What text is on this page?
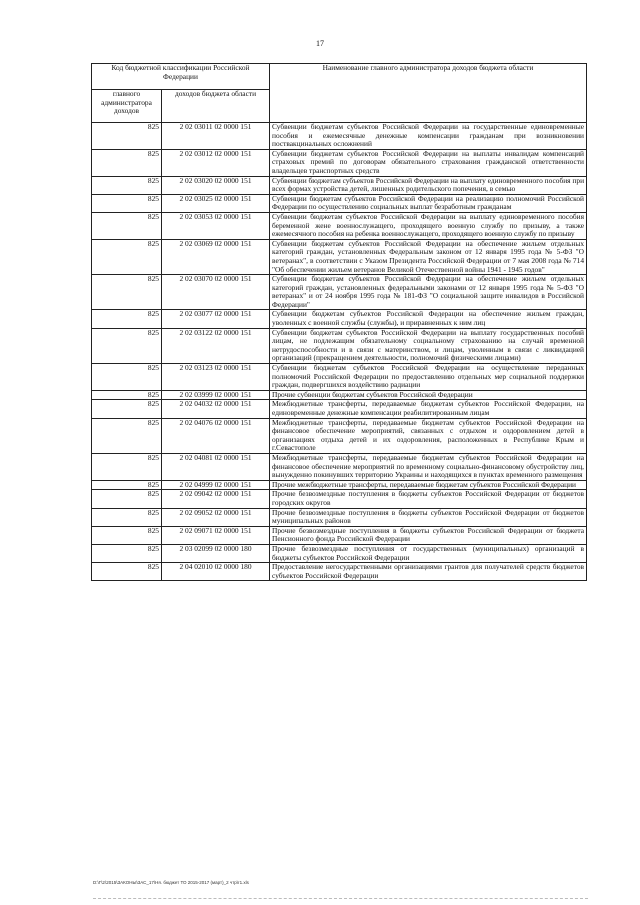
17
Код бюджетной классификации Российской Федерации		Наименование главного администратора доходов бюджета области
главного администратора доходов	доходов бюджета области	
825	2 02 03011 02 0000 151	Субвенции бюджетам субъектов Российской Федерации на государственные единовременные пособия и ежемесячные денежные компенсации гражданам при возникновении поствакцинальных осложнений
825	2 02 03012 02 0000 151	Субвенции бюджетам субъектов Российской Федерации на выплаты инвалидам компенсаций страховых премий по договорам обязательного страхования гражданской ответственности владельцев транспортных средств
825	2 02 03020 02 0000 151	Субвенции бюджетам субъектов Российской Федерации на выплату единовременного пособия при всех формах устройства детей, лишенных родительского попечения, в семью
825	2 02 03025 02 0000 151	Субвенции бюджетам субъектов Российской Федерации на реализацию полномочий Российской Федерации по осуществлению социальных выплат безработным гражданам
825	2 02 03053 02 0000 151	Субвенции бюджетам субъектов Российской Федерации на выплату единовременного пособия беременной жене военнослужащего, проходящего военную службу по призыву, а также ежемесячного пособия на ребенка военнослужащего, проходящего военную службу по призыву
825	2 02 03069 02 0000 151	Субвенции бюджетам субъектов Российской Федерации на обеспечение жильем отдельных категорий граждан, установленных Федеральным законом от 12 января 1995 года № 5-ФЗ "О ветеранах", в соответствии с Указом Президента Российской Федерации от 7 мая 2008 года № 714 "Об обеспечении жильем ветеранов Великой Отечественной войны 1941 - 1945 годов"
825	2 02 03070 02 0000 151	Субвенции бюджетам субъектов Российской Федерации на обеспечение жильем отдельных категорий граждан, установленных федеральными законами от 12 января 1995 года № 5-ФЗ "О ветеранах" и от 24 ноября 1995 года № 181-ФЗ "О социальной защите инвалидов в Российской Федерации"
825	2 02 03077 02 0000 151	Субвенции бюджетам субъектов Российской Федерации на обеспечение жильем граждан, уволенных с военной службы (службы), и приравненных к ним лиц
825	2 02 03122 02 0000 151	Субвенции бюджетам субъектов Российской Федерации на выплату государственных пособий лицам, не подлежащим обязательному социальному страхованию на случай временной нетрудоспособности и в связи с материнством, и лицам, уволенным в связи с ликвидацией организаций (прекращением деятельности, полномочий физическими лицами)
825	2 02 03123 02 0000 151	Субвенции бюджетам субъектов Российской Федерации на осуществление переданных полномочий Российской Федерации по предоставлению отдельных мер социальной поддержки граждан, подвергшихся воздействию радиации
825	2 02 03999 02 0000 151	Прочие субвенции бюджетам субъектов Российской Федерации
825	2 02 04032 02 0000 151	Межбюджетные трансферты, передаваемые бюджетам субъектов Российской Федерации, на единовременные денежные компенсации реабилитированным лицам
825	2 02 04076 02 0000 151	Межбюджетные трансферты, передаваемые бюджетам субъектов Российской Федерации на финансовое обеспечение мероприятий, связанных с отдыхом и оздоровлением детей в организациях отдыха детей и их оздоровления, расположенных в Республике Крым и г.Севастополе
825	2 02 04081 02 0000 151	Межбюджетные трансферты, передаваемые бюджетам субъектов Российской Федерации на финансовое обеспечение мероприятий по временному социально-финансовому обустройству лиц, вынужденно покинувших территорию Украины и находящихся в пунктах временного размещения
825	2 02 04999 02 0000 151	Прочие межбюджетные трансферты, передаваемые бюджетам субъектов Российской Федерации
825	2 02 09042 02 0000 151	Прочие безвозмездные поступления в бюджеты субъектов Российской Федерации от бюджетов городских округов
825	2 02 09052 02 0000 151	Прочие безвозмездные поступления в бюджеты субъектов Российской Федерации от бюджетов муниципальных районов
825	2 02 09071 02 0000 151	Прочие безвозмездные поступления в бюджеты субъектов Российской Федерации от бюджета Пенсионного фонда Российской Федерации
825	2 03 02099 02 0000 180	Прочие безвозмездные поступления от государственных (муниципальных) организаций в бюджеты субъектов Российской Федерации
825	2 04 02010 02 0000 180	Предоставление негосударственными организациями грантов для получателей средств бюджетов субъектов Российской Федерации
D:\Г\2\2015\ЗАКОНЫ\3АС_17\Ня. бюджет ТО 2015-2017 (март)_2 чтр\г1.xls
